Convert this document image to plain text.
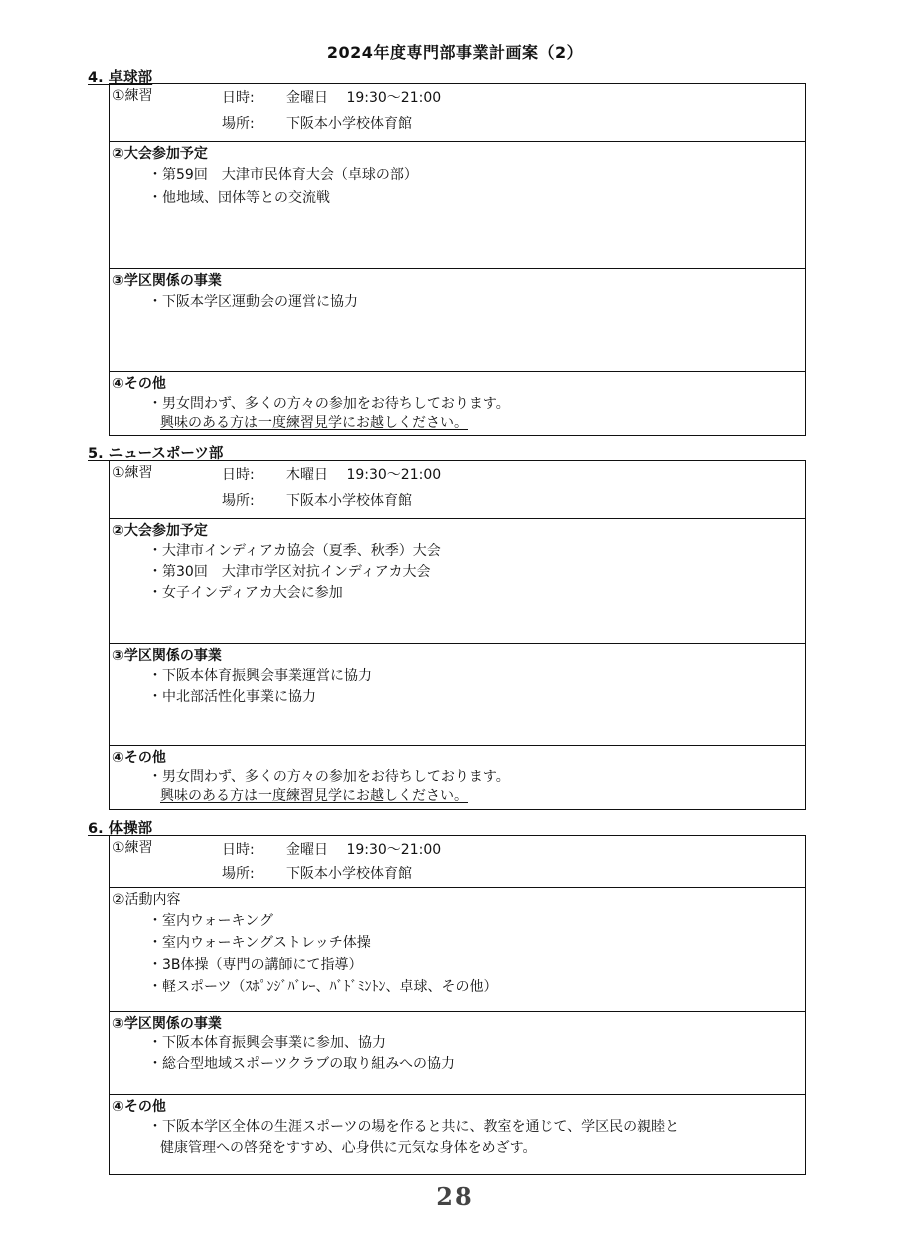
2024年度専門部事業計画案（2）
4. 卓球部
①練習	日時: 金曜日　 19:30～21:00
場所: 下阪本小学校体育館
②大会参加予定
・第59回　大津市民体育大会（卓球の部）
・他地域、団体等との交流戦
③学区関係の事業
・下阪本学区運動会の運営に協力
④その他
・男女問わず、多くの方々の参加をお待ちしております。
興味のある方は一度練習見学にお越しください。
5. ニュースポーツ部
①練習	日時: 木曜日　 19:30～21:00
場所: 下阪本小学校体育館
②大会参加予定
・大津市インディアカ協会（夏季、秋季）大会
・第30回　大津市学区対抗インディアカ大会
・女子インディアカ大会に参加
③学区関係の事業
・下阪本体育振興会事業運営に協力
・中北部活性化事業に協力
④その他
・男女問わず、多くの方々の参加をお待ちしております。
興味のある方は一度練習見学にお越しください。
6. 体操部
①練習	日時: 金曜日　 19:30～21:00
場所: 下阪本小学校体育館
②活動内容
・室内ウォーキング
・室内ウォーキングストレッチ体操
・3B体操（専門の講師にて指導）
・軽スポーツ（ｽﾎﾟﾝｼﾞﾊﾞﾚｰ、ﾊﾞﾄﾞﾐﾝﾄﾝ、卓球、その他）
③学区関係の事業
・下阪本体育振興会事業に参加、協力
・総合型地域スポーツクラブの取り組みへの協力
④その他
・下阪本学区全体の生涯スポーツの場を作ると共に、教室を通じて、学区民の親睦と
健康管理への啓発をすすめ、心身供に元気な身体をめざす。
28
